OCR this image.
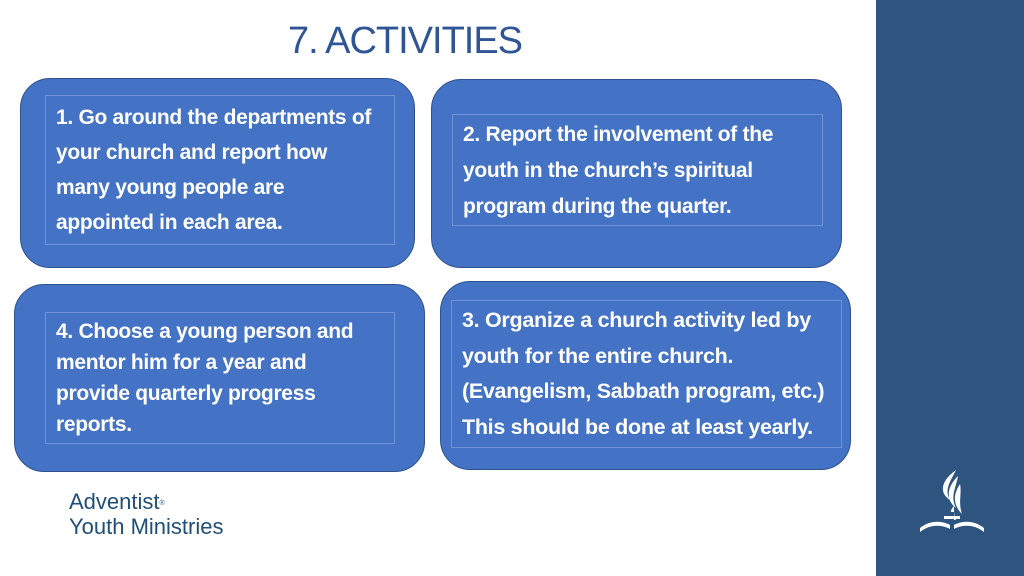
7. ACTIVITIES
1. Go around the departments of your church and report how many young people are appointed in each area.
2. Report the involvement of the youth in the church’s spiritual program during the quarter.
4. Choose a young person and mentor him for a year and provide quarterly progress reports.
3. Organize a church activity led by youth for the entire church. (Evangelism, Sabbath program, etc.) This should be done at least yearly.
Adventist®
Youth Ministries
